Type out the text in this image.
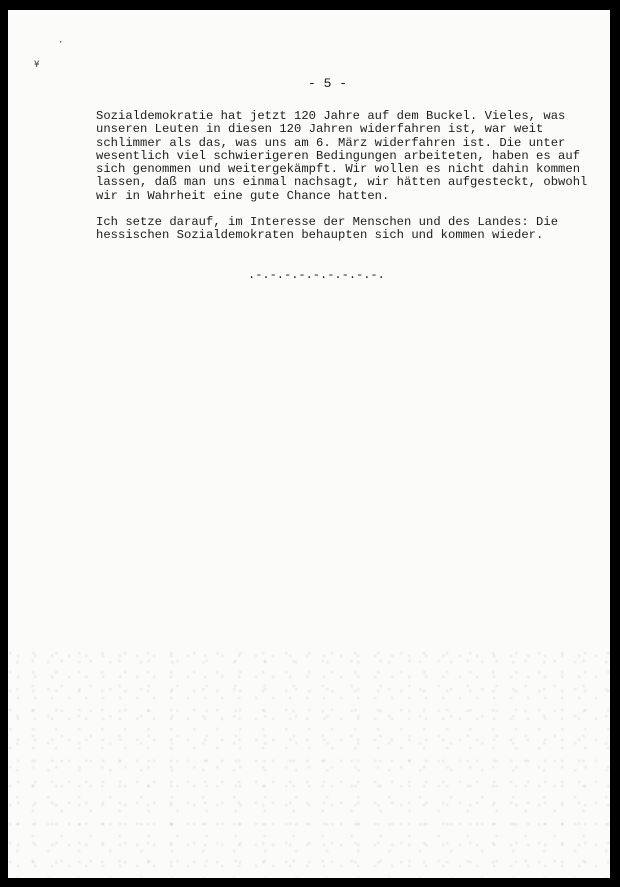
·
¥
- 5 -

Sozialdemokratie hat jetzt 120 Jahre auf dem Buckel. Vieles, was
unseren Leuten in diesen 120 Jahren widerfahren ist, war weit
schlimmer als das, was uns am 6. März widerfahren ist. Die unter
wesentlich viel schwierigeren Bedingungen arbeiteten, haben es auf
sich genommen und weitergekämpft. Wir wollen es nicht dahin kommen
lassen, daß man uns einmal nachsagt, wir hätten aufgesteckt, obwohl
wir in Wahrheit eine gute Chance hatten.

Ich setze darauf, im Interesse der Menschen und des Landes: Die
hessischen Sozialdemokraten behaupten sich und kommen wieder.

.-.-.-.-.-.-.-.-.-.
